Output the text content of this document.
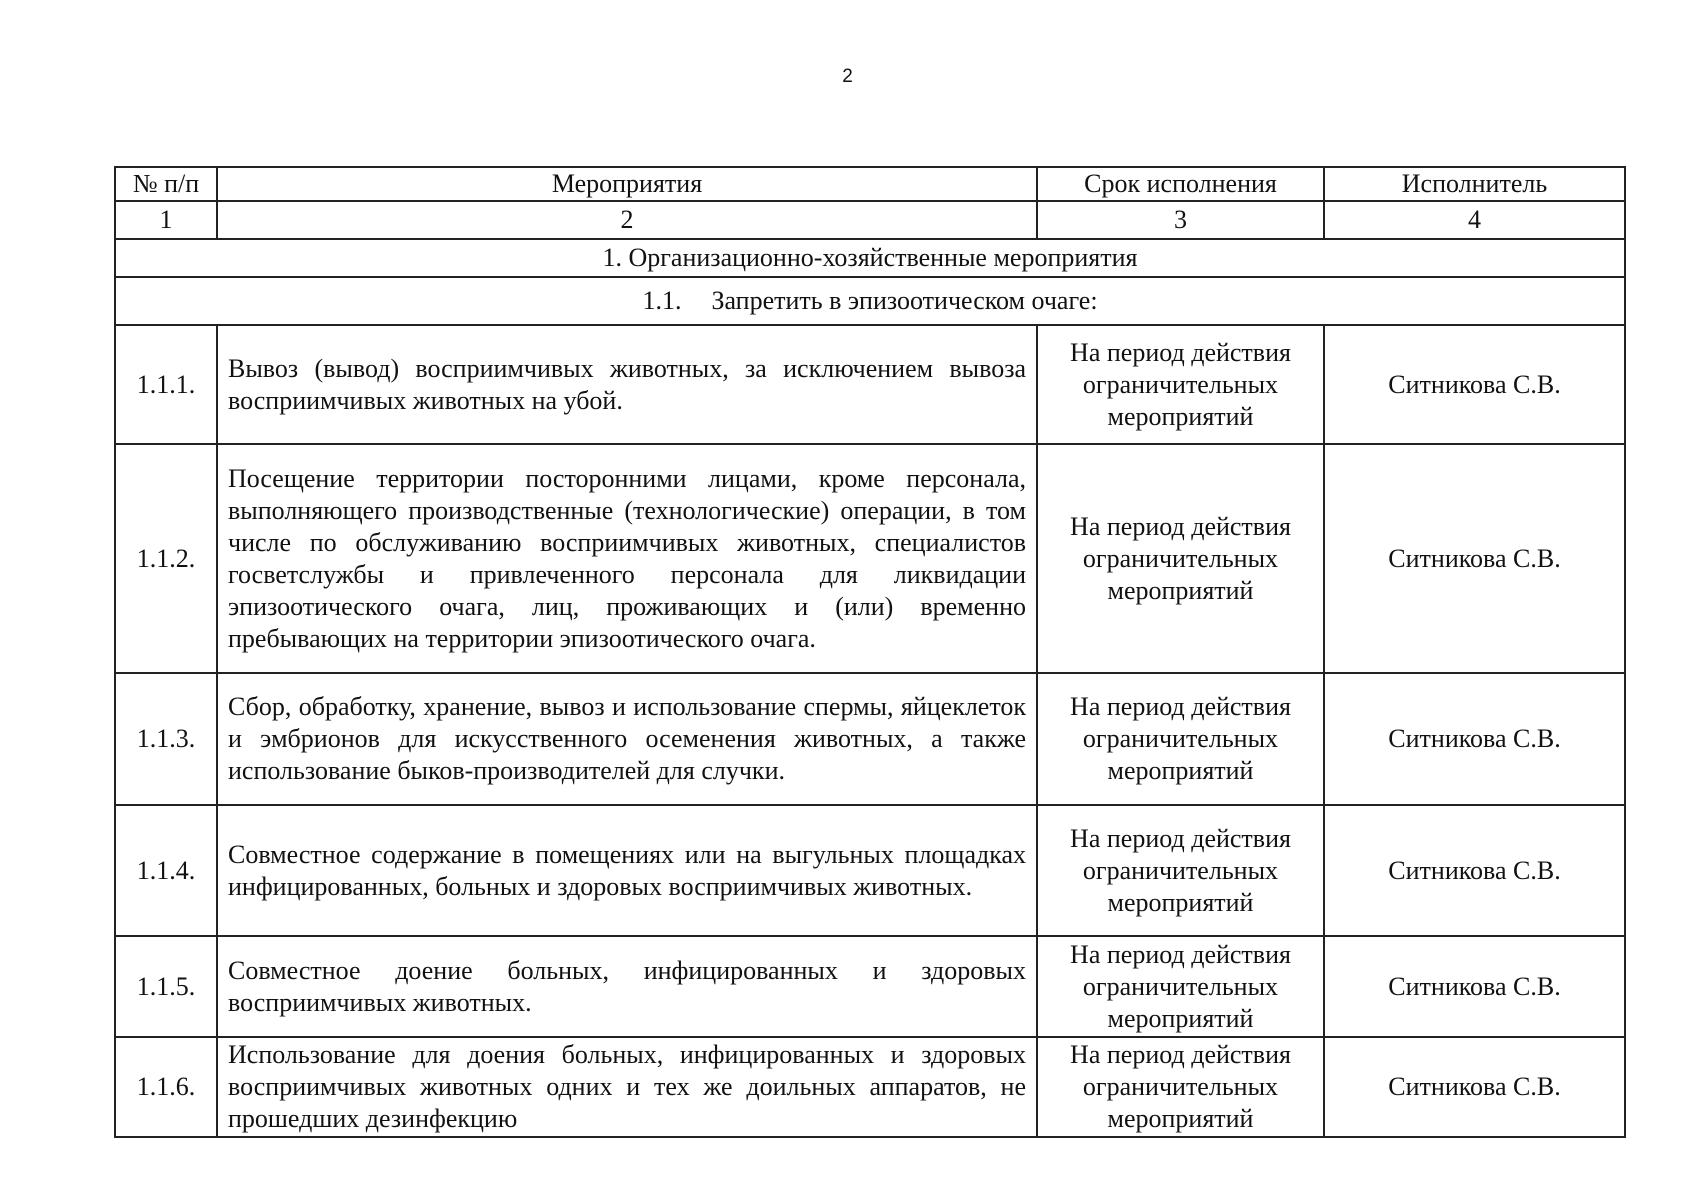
2
№ п/п	Мероприятия	Срок исполнения	Исполнитель
1	2	3	4
1. Организационно-хозяйственные мероприятия			
1.1. Запретить в эпизоотическом очаге:			
1.1.1.	Вывоз (вывод) восприимчивых животных, за исключением вывоза восприимчивых животных на убой.	На период действия ограничительных мероприятий	Ситникова С.В.
1.1.2.	Посещение территории посторонними лицами, кроме персонала, выполняющего производственные (технологические) операции, в том числе по обслуживанию восприимчивых животных, специалистов госветслужбы и привлеченного персонала для ликвидации эпизоотического очага, лиц, проживающих и (или) временно пребывающих на территории эпизоотического очага.	На период действия ограничительных мероприятий	Ситникова С.В.
1.1.3.	Сбор, обработку, хранение, вывоз и использование спермы, яйцеклеток и эмбрионов для искусственного осеменения животных, а также использование быков-производителей для случки.	На период действия ограничительных мероприятий	Ситникова С.В.
1.1.4.	Совместное содержание в помещениях или на выгульных площадках инфицированных, больных и здоровых восприимчивых животных.	На период действия ограничительных мероприятий	Ситникова С.В.
1.1.5.	Совместное доение больных, инфицированных и здоровых восприимчивых животных.	На период действия ограничительных мероприятий	Ситникова С.В.
1.1.6.	Использование для доения больных, инфицированных и здоровых восприимчивых животных одних и тех же доильных аппаратов, не прошедших дезинфекцию	На период действия ограничительных мероприятий	Ситникова С.В.
